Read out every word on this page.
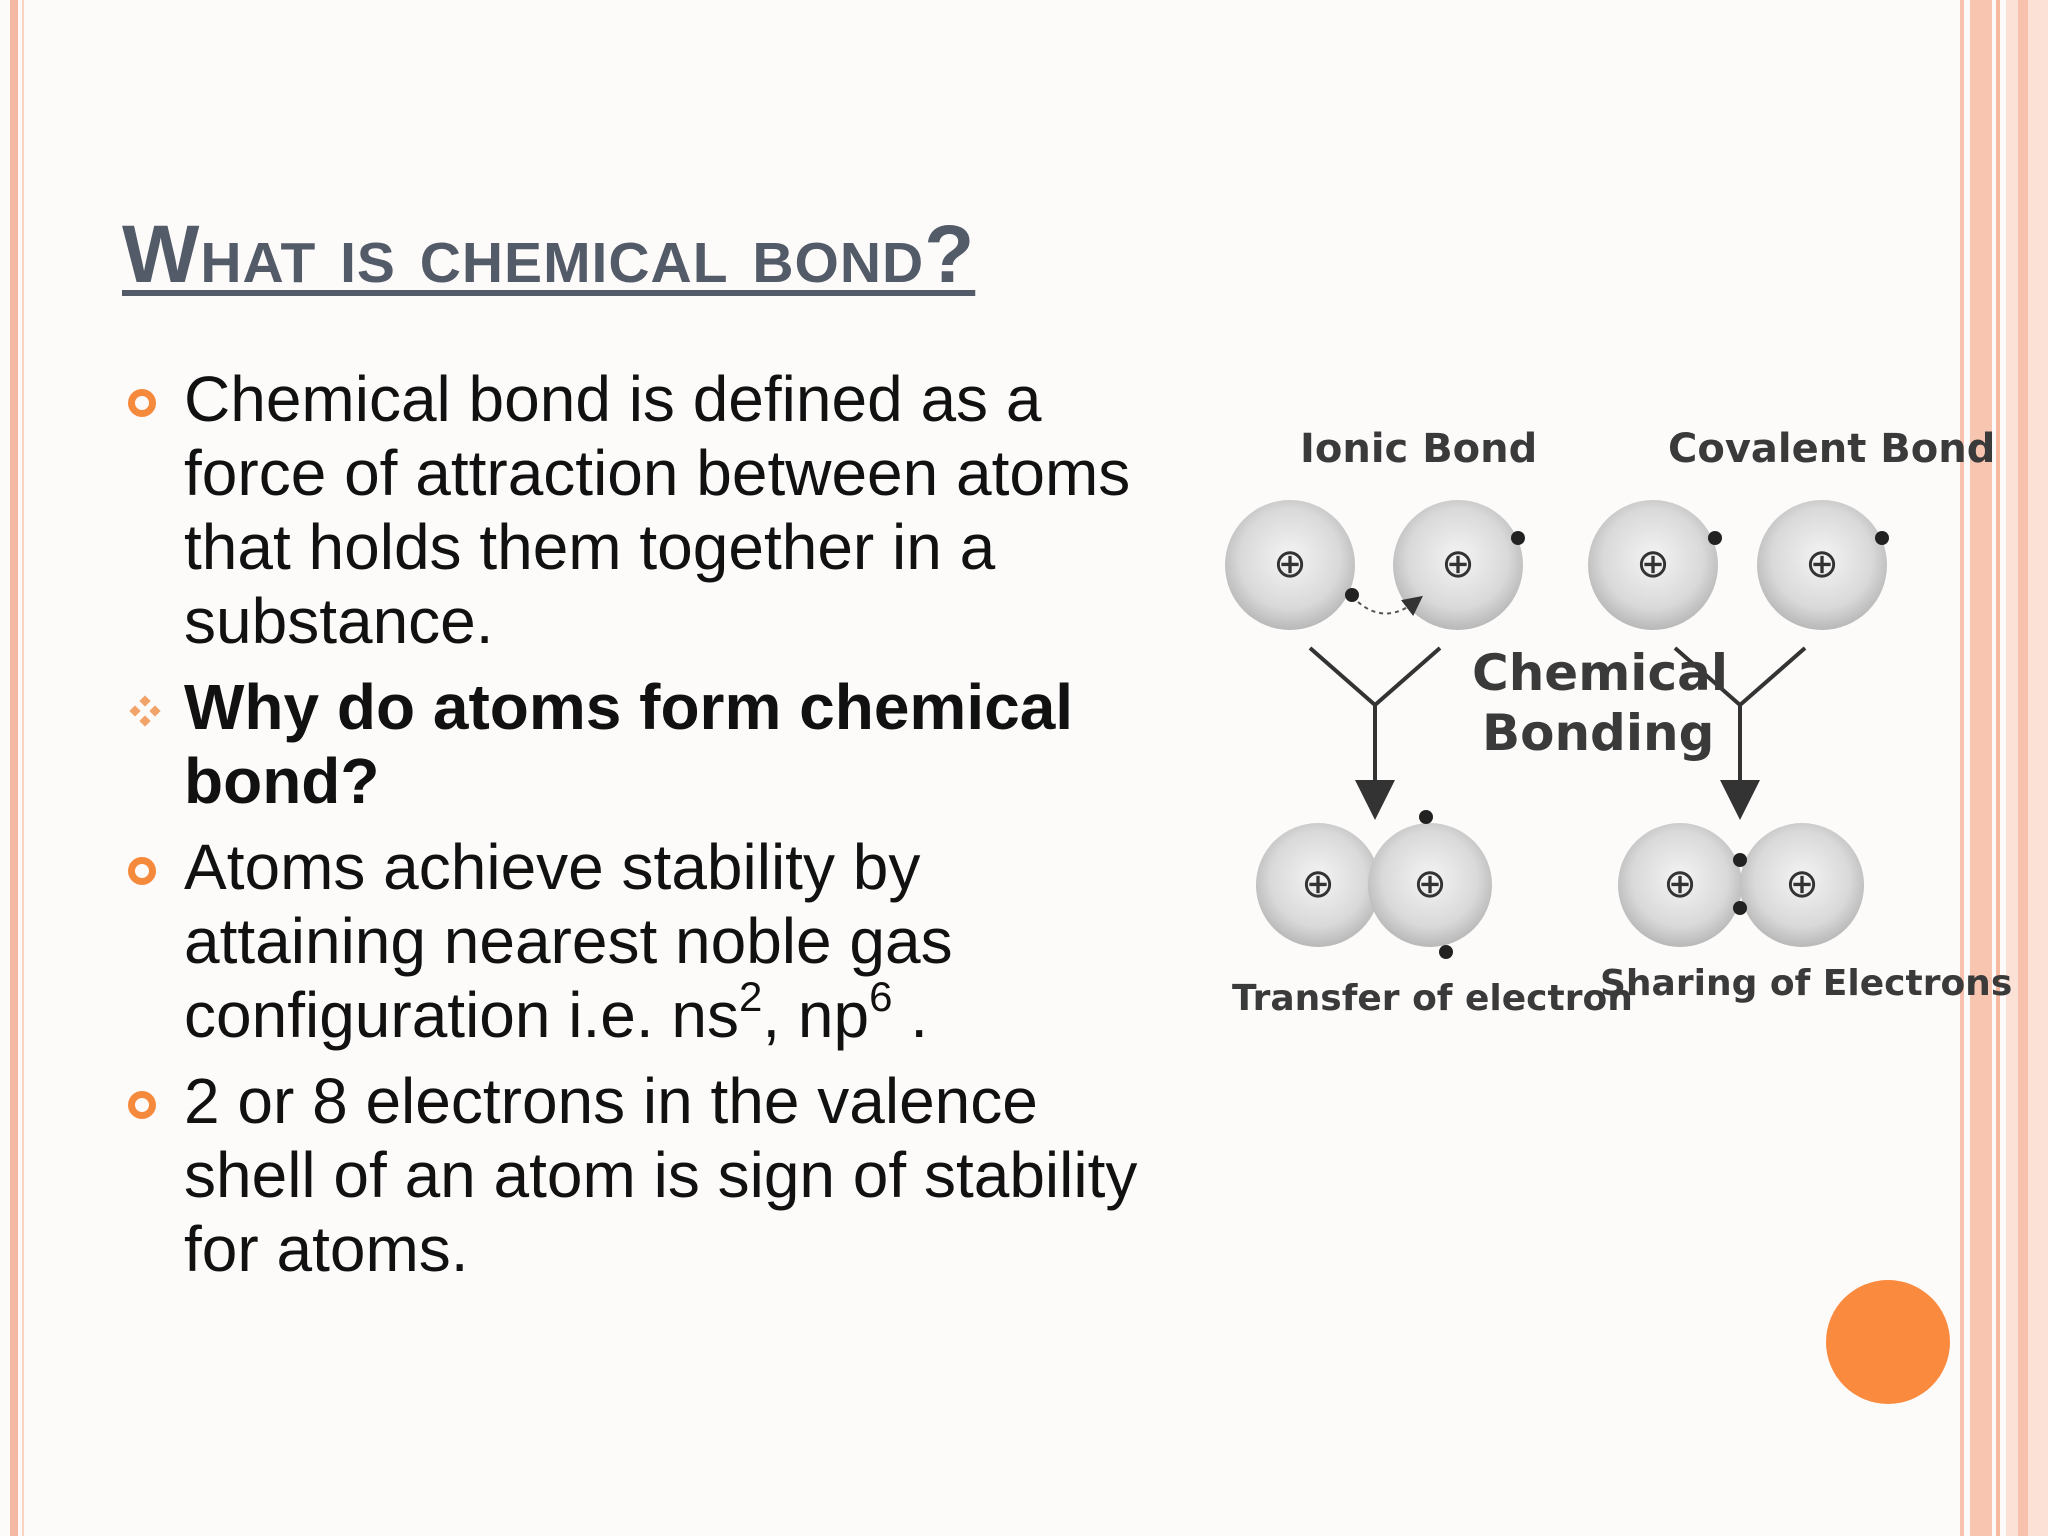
What is chemical bond?
Chemical bond is defined as a force of attraction between atoms that holds them together in a substance.
Why do atoms form chemical bond?
Atoms achieve stability by attaining nearest noble gas configuration i.e. $ns^2$, $np^6$ .
2 or 8 electrons in the valence shell of an atom is sign of stability for atoms.
Ionic Bond	Covalent Bond
⊕	⊕	⊕	⊕
Chemical
Bonding
⊕ ⊕	⊕ ⊕
Transfer of electron
Sharing of Electrons
